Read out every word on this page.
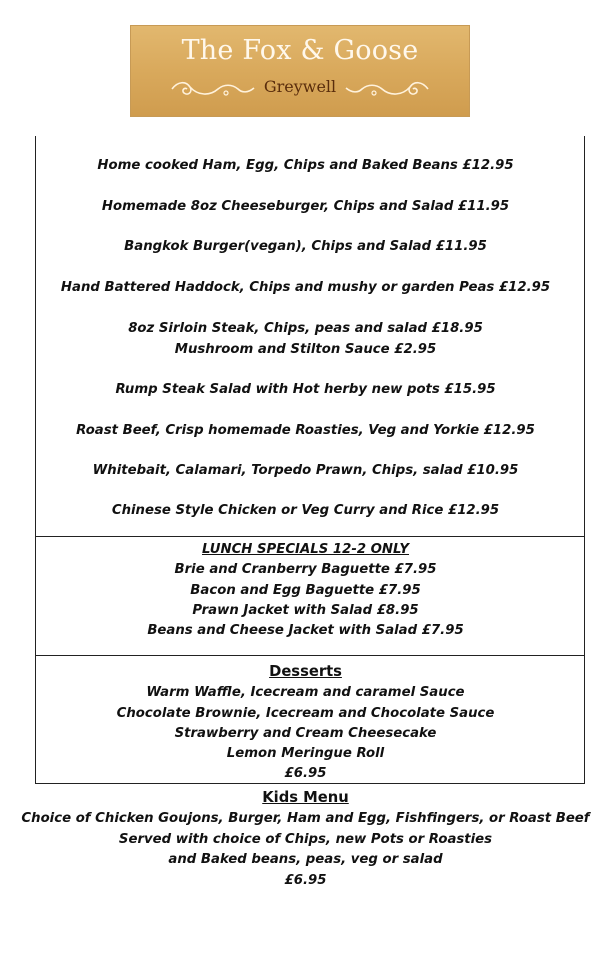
The Fox & Goose
Greywell
Home cooked Ham, Egg, Chips and Baked Beans £12.95
Homemade 8oz Cheeseburger, Chips and Salad £11.95
Bangkok Burger(vegan), Chips and Salad £11.95
Hand Battered Haddock, Chips and mushy or garden Peas £12.95
8oz Sirloin Steak, Chips, peas and salad £18.95
Mushroom and Stilton Sauce £2.95
Rump Steak Salad with Hot herby new pots £15.95
Roast Beef, Crisp homemade Roasties, Veg and Yorkie £12.95
Whitebait, Calamari, Torpedo Prawn, Chips, salad £10.95
Chinese Style Chicken or Veg Curry and Rice £12.95
LUNCH SPECIALS 12-2 ONLY
Brie and Cranberry Baguette £7.95
Bacon and Egg Baguette £7.95
Prawn Jacket with Salad £8.95
Beans and Cheese Jacket with Salad £7.95
Desserts
Warm Waffle, Icecream and caramel Sauce
Chocolate Brownie, Icecream and Chocolate Sauce
Strawberry and Cream Cheesecake
Lemon Meringue Roll
£6.95
Kids Menu
Choice of Chicken Goujons, Burger, Ham and Egg, Fishfingers, or Roast Beef
Served with choice of Chips, new Pots or Roasties
and Baked beans, peas, veg or salad
£6.95
